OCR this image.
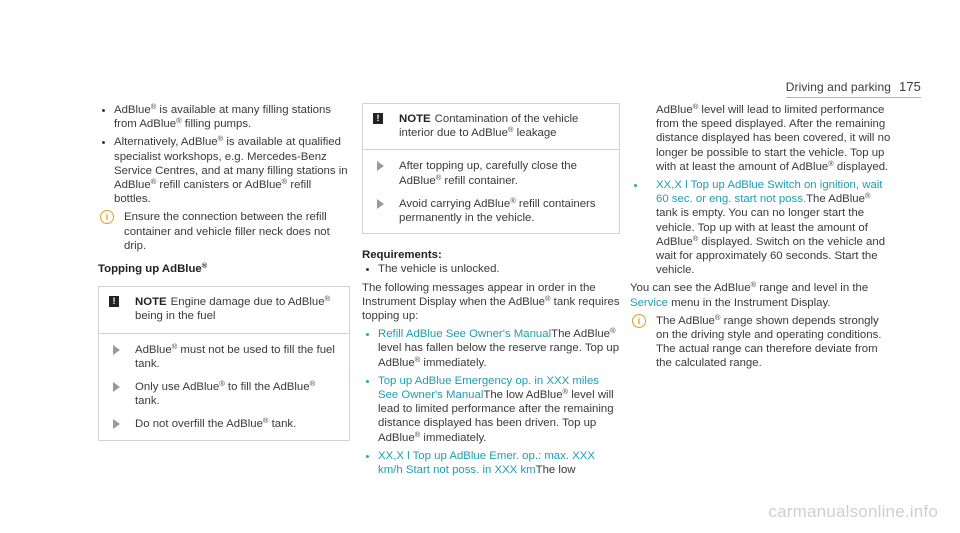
Driving and parking 175
AdBlue® is available at many filling stations from AdBlue® filling pumps.
Alternatively, AdBlue® is available at qualified specialist workshops, e.g. Mercedes-Benz Service Centres, and at many filling stations in AdBlue® refill canisters or AdBlue® refill bottles.
i	Ensure the connection between the refill container and vehicle filler neck does not drip.
Topping up AdBlue®
!	NOTE Engine damage due to AdBlue® being in the fuel
AdBlue® must not be used to fill the fuel tank.
Only use AdBlue® to fill the AdBlue® tank.
Do not overfill the AdBlue® tank.
!	NOTE Contamination of the vehicle interior due to AdBlue® leakage
After topping up, carefully close the AdBlue® refill container.
Avoid carrying AdBlue® refill containers permanently in the vehicle.
Requirements:
The vehicle is unlocked.
The following messages appear in order in the Instrument Display when the AdBlue® tank requires topping up:
Refill AdBlue See Owner's ManualThe AdBlue® level has fallen below the reserve range. Top up AdBlue® immediately.
Top up AdBlue Emergency op. in XXX miles See Owner's ManualThe low AdBlue® level will lead to limited performance after the remaining distance displayed has been driven. Top up AdBlue® immediately.
XX,X l Top up AdBlue Emer. op.: max. XXX km/h Start not poss. in XXX kmThe low
AdBlue® level will lead to limited performance from the speed displayed. After the remaining distance displayed has been covered, it will no longer be possible to start the vehicle. Top up with at least the amount of AdBlue® displayed.
XX,X l Top up AdBlue Switch on ignition, wait 60 sec. or eng. start not poss.The AdBlue® tank is empty. You can no longer start the vehicle. Top up with at least the amount of AdBlue® displayed. Switch on the vehicle and wait for approximately 60 seconds. Start the vehicle.
You can see the AdBlue® range and level in the Service menu in the Instrument Display.
i	The AdBlue® range shown depends strongly on the driving style and operating conditions. The actual range can therefore deviate from the calculated range.
carmanualsonline.info
